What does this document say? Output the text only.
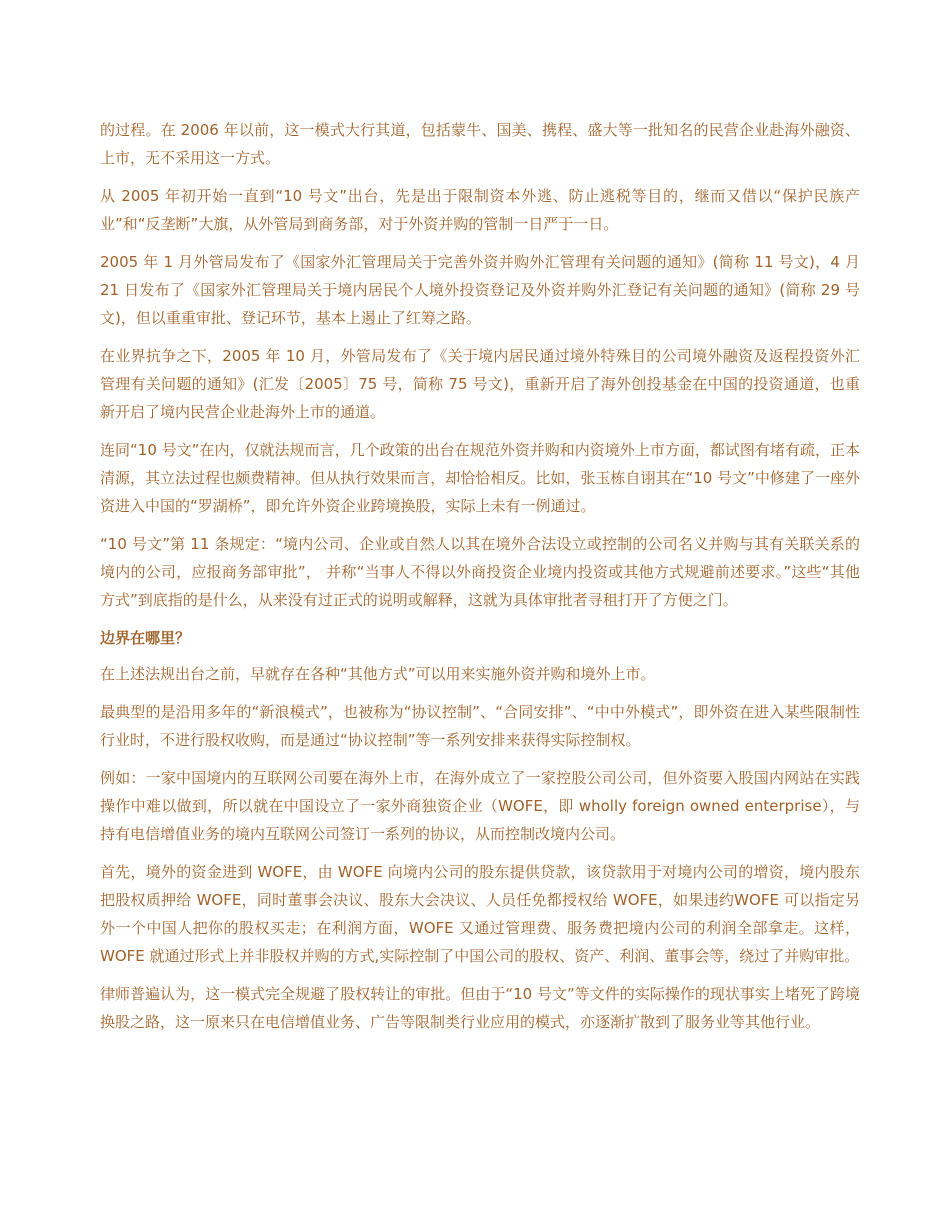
的过程。在 2006 年以前，这一模式大行其道，包括蒙牛、国美、携程、盛大等一批知名的民营企业赴海外融资、上市，无不采用这一方式。

从 2005 年初开始一直到“10 号文”出台，先是出于限制资本外逃、防止逃税等目的，继而又借以“保护民族产业”和“反垄断”大旗，从外管局到商务部，对于外资并购的管制一日严于一日。

2005 年 1 月外管局发布了《国家外汇管理局关于完善外资并购外汇管理有关问题的通知》(简称 11 号文)，4 月 21 日发布了《国家外汇管理局关于境内居民个人境外投资登记及外资并购外汇登记有关问题的通知》(简称 29 号文)，但以重重审批、登记环节，基本上遏止了红筹之路。

在业界抗争之下，2005 年 10 月，外管局发布了《关于境内居民通过境外特殊目的公司境外融资及返程投资外汇管理有关问题的通知》(汇发〔2005〕75 号，简称 75 号文)，重新开启了海外创投基金在中国的投资通道，也重新开启了境内民营企业赴海外上市的通道。

连同“10 号文”在内，仅就法规而言，几个政策的出台在规范外资并购和内资境外上市方面，都试图有堵有疏，正本清源，其立法过程也颇费精神。但从执行效果而言，却恰恰相反。比如，张玉栋自诩其在“10 号文”中修建了一座外资进入中国的“罗湖桥”，即允许外资企业跨境换股，实际上未有一例通过。

“10 号文”第 11 条规定：“境内公司、企业或自然人以其在境外合法设立或控制的公司名义并购与其有关联关系的境内的公司，应报商务部审批”， 并称“当事人不得以外商投资企业境内投资或其他方式规避前述要求。”这些“其他方式”到底指的是什么，从来没有过正式的说明或解释，这就为具体审批者寻租打开了方便之门。

边界在哪里？

在上述法规出台之前，早就存在各种“其他方式”可以用来实施外资并购和境外上市。

最典型的是沿用多年的“新浪模式”，也被称为“协议控制”、“合同安排”、“中中外模式”，即外资在进入某些限制性行业时，不进行股权收购，而是通过“协议控制”等一系列安排来获得实际控制权。

例如：一家中国境内的互联网公司要在海外上市，在海外成立了一家控股公司公司，但外资要入股国内网站在实践操作中难以做到，所以就在中国设立了一家外商独资企业（WOFE，即 wholly foreign owned enterprise），与持有电信增值业务的境内互联网公司签订一系列的协议，从而控制改境内公司。

首先，境外的资金进到 WOFE，由 WOFE 向境内公司的股东提供贷款，该贷款用于对境内公司的增资，境内股东把股权质押给 WOFE，同时董事会决议、股东大会决议、人员任免都授权给 WOFE，如果违约WOFE 可以指定另外一个中国人把你的股权买走；在利润方面，WOFE 又通过管理费、服务费把境内公司的利润全部拿走。这样，WOFE 就通过形式上并非股权并购的方式,实际控制了中国公司的股权、资产、利润、董事会等，绕过了并购审批。

律师普遍认为，这一模式完全规避了股权转让的审批。但由于“10 号文”等文件的实际操作的现状事实上堵死了跨境换股之路，这一原来只在电信增值业务、广告等限制类行业应用的模式，亦逐渐扩散到了服务业等其他行业。
